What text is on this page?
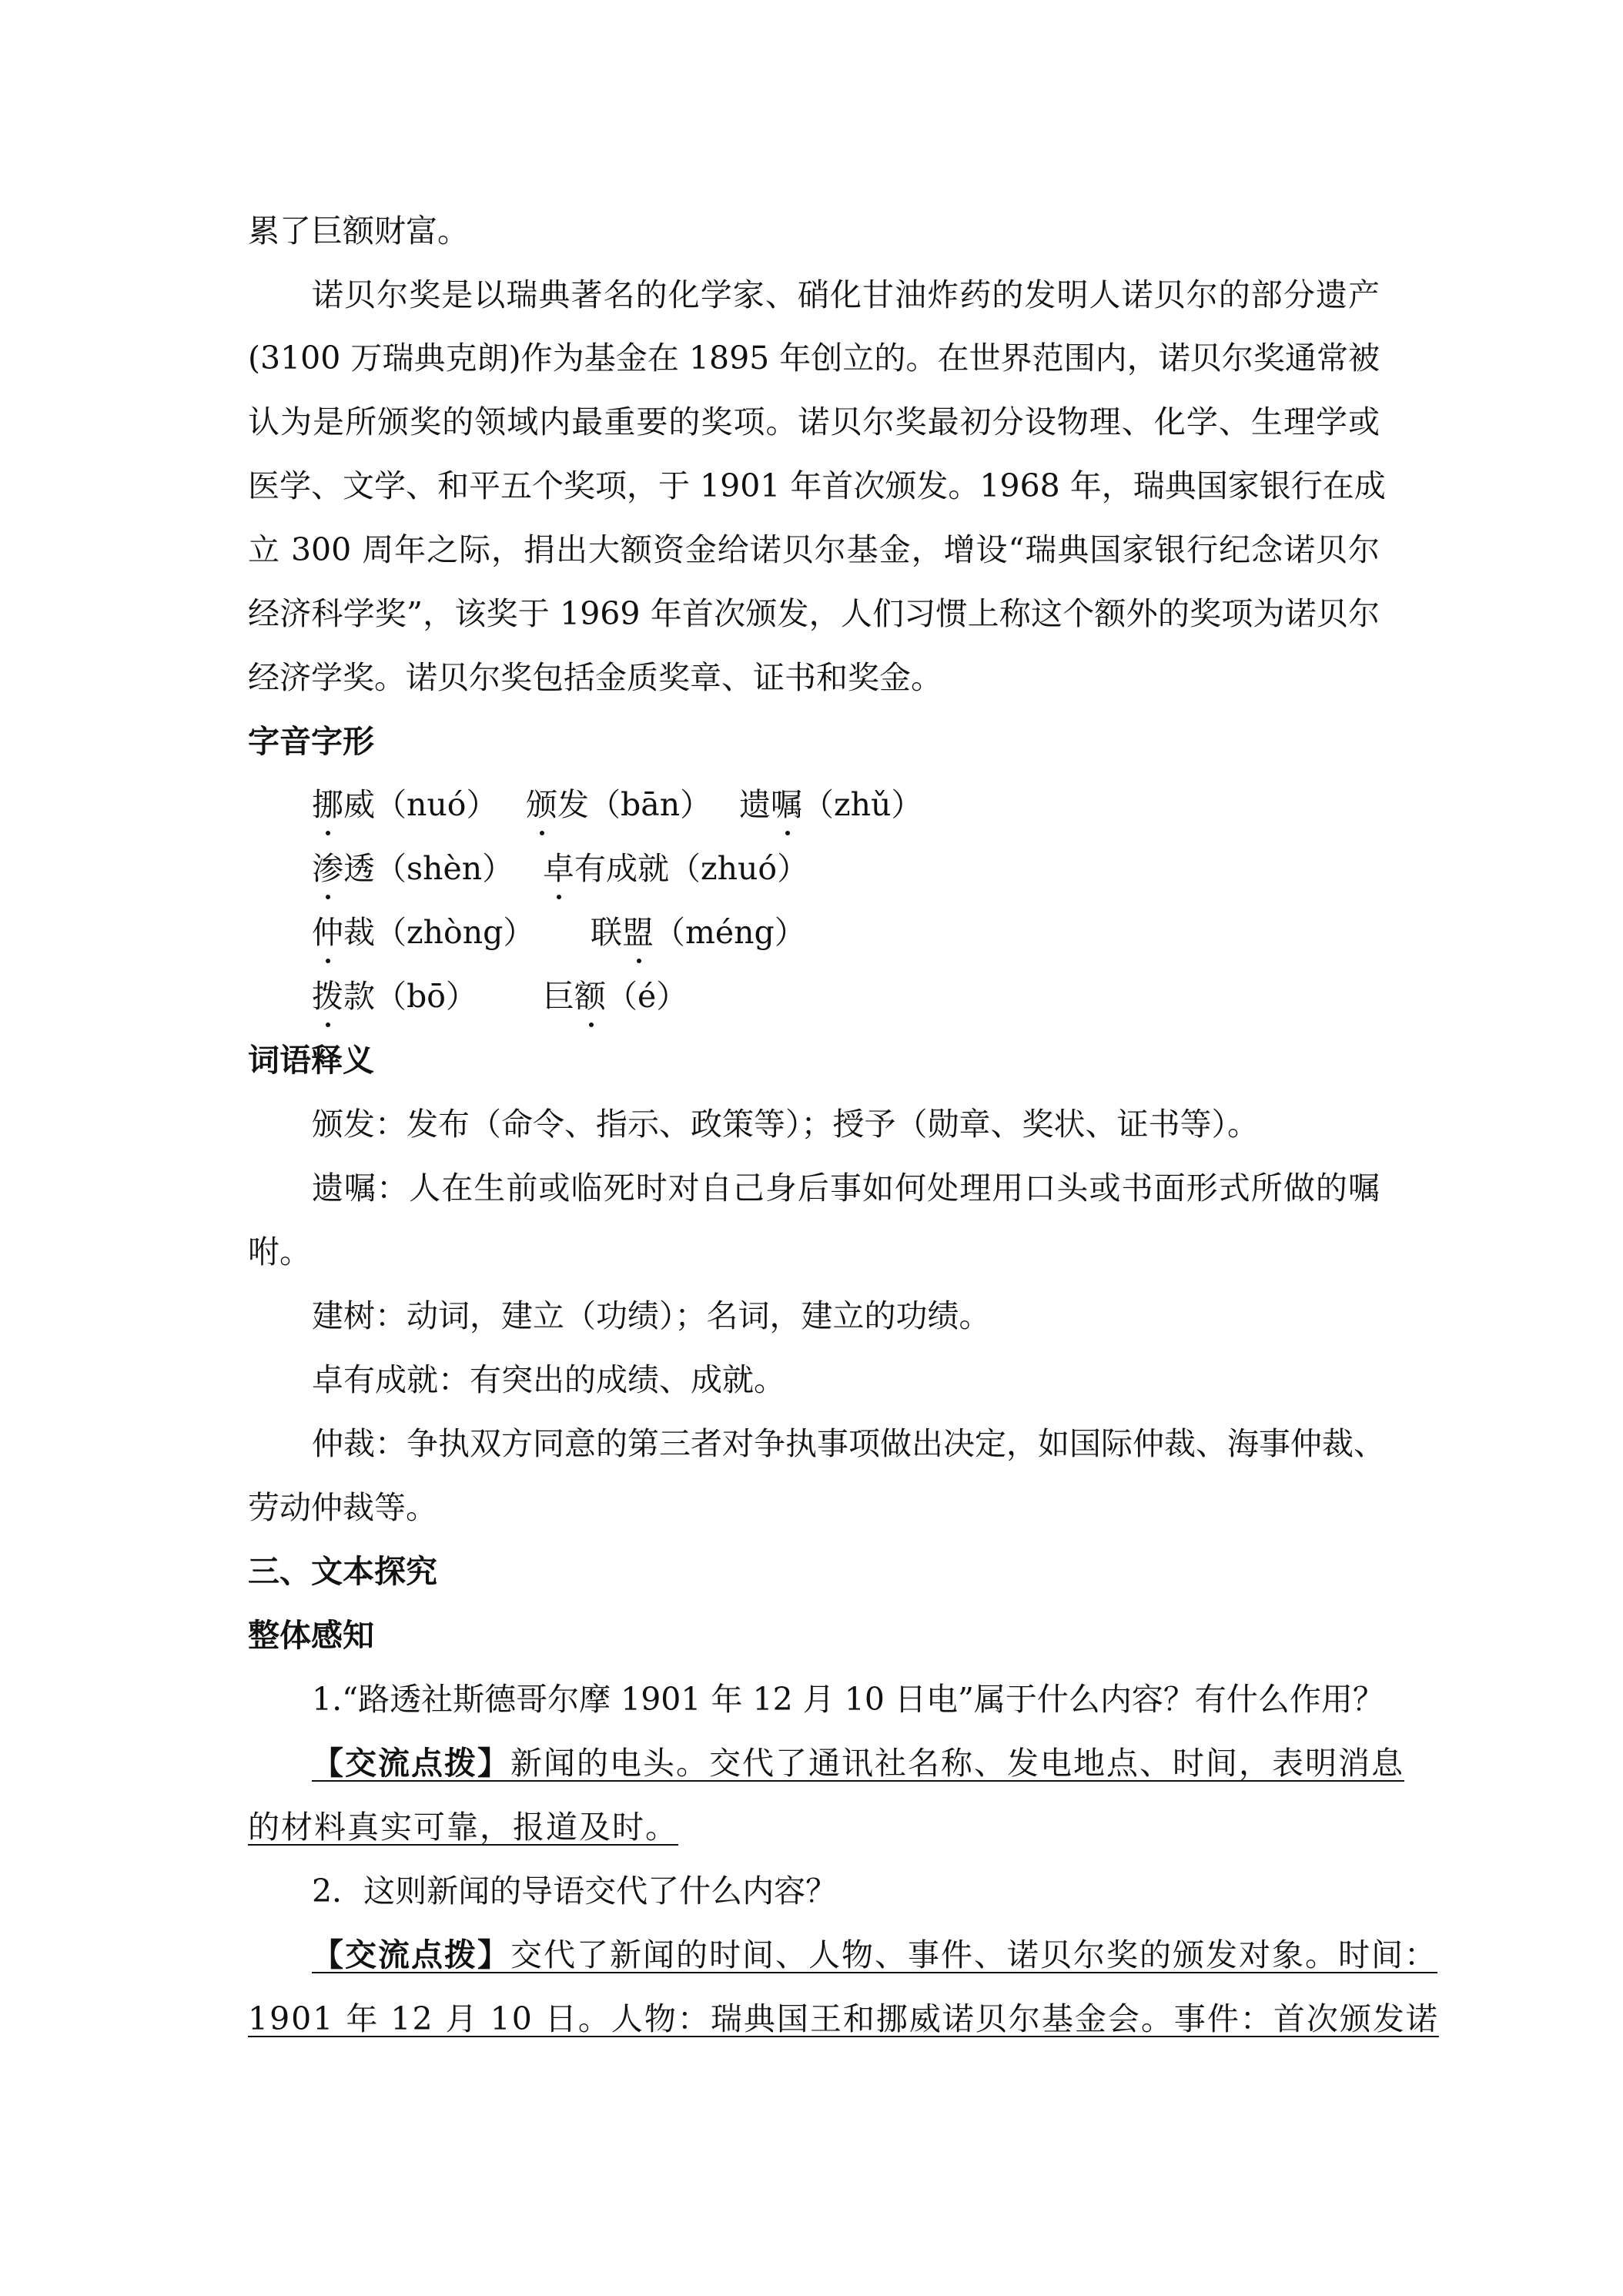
累了巨额财富。
诺贝尔奖是以瑞典著名的化学家、硝化甘油炸药的发明人诺贝尔的部分遗产
(3100 万瑞典克朗)作为基金在 1895 年创立的。在世界范围内，诺贝尔奖通常被
认为是所颁奖的领域内最重要的奖项。诺贝尔奖最初分设物理、化学、生理学或
医学、文学、和平五个奖项，于 1901 年首次颁发。1968 年，瑞典国家银行在成
立 300 周年之际，捐出大额资金给诺贝尔基金，增设“瑞典国家银行纪念诺贝尔
经济科学奖”，该奖于 1969 年首次颁发，人们习惯上称这个额外的奖项为诺贝尔
经济学奖。诺贝尔奖包括金质奖章、证书和奖金。
字音字形
挪威（nuó） 颁发（bān） 遗嘱（zhǔ）
渗透（shèn） 卓有成就（zhuó）
仲裁（zhòng） 联盟（méng）
拨款（bō） 巨额（é）
词语释义
颁发：发布（命令、指示、政策等）；授予（勋章、奖状、证书等）。
遗嘱：人在生前或临死时对自己身后事如何处理用口头或书面形式所做的嘱
咐。
建树：动词，建立（功绩）；名词，建立的功绩。
卓有成就：有突出的成绩、成就。
仲裁：争执双方同意的第三者对争执事项做出决定，如国际仲裁、海事仲裁、
劳动仲裁等。
三、文本探究
整体感知
1.“路透社斯德哥尔摩 1901 年 12 月 10 日电”属于什么内容？有什么作用？
【交流点拨】新闻的电头。交代了通讯社名称、发电地点、时间，表明消息
的材料真实可靠，报道及时。
2．这则新闻的导语交代了什么内容？
【交流点拨】交代了新闻的时间、人物、事件、诺贝尔奖的颁发对象。时间：
1901 年 12 月 10 日。人物：瑞典国王和挪威诺贝尔基金会。事件：首次颁发诺
